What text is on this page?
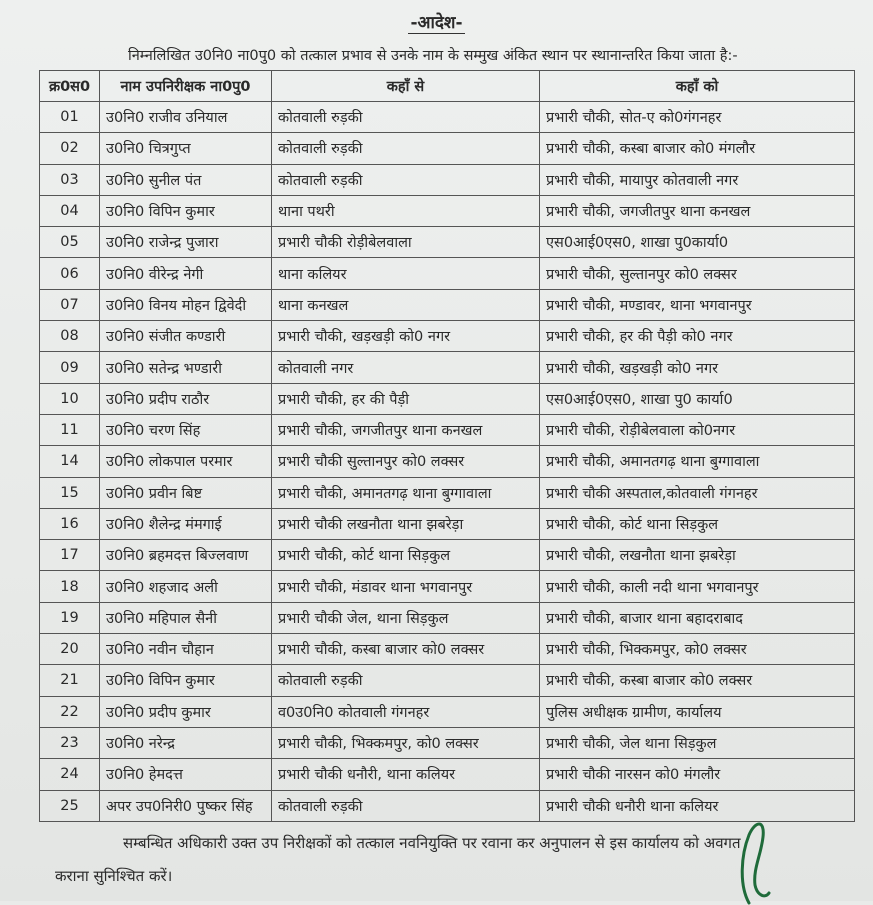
-आदेश-
निम्नलिखित उ0नि0 ना0पु0 को तत्काल प्रभाव से उनके नाम के सम्मुख अंकित स्थान पर स्थानान्तरित किया जाता है:-
क्र0स0	नाम उपनिरीक्षक ना0पु0	कहाँ से	कहाँ को
01	उ0नि0 राजीव उनियाल	कोतवाली रुड़की	प्रभारी चौकी, सोत-ए को0गंगनहर
02	उ0नि0 चित्रगुप्त	कोतवाली रुड़की	प्रभारी चौकी, कस्बा बाजार को0 मंगलौर
03	उ0नि0 सुनील पंत	कोतवाली रुड़की	प्रभारी चौकी, मायापुर कोतवाली नगर
04	उ0नि0 विपिन कुमार	थाना पथरी	प्रभारी चौकी, जगजीतपुर थाना कनखल
05	उ0नि0 राजेन्द्र पुजारा	प्रभारी चौकी रोड़ीबेलवाला	एस0आई0एस0, शाखा पु0कार्या0
06	उ0नि0 वीरेन्द्र नेगी	थाना कलियर	प्रभारी चौकी, सुल्तानपुर को0 लक्सर
07	उ0नि0 विनय मोहन द्विवेदी	थाना कनखल	प्रभारी चौकी, मण्डावर, थाना भगवानपुर
08	उ0नि0 संजीत कण्डारी	प्रभारी चौकी, खड़खड़ी को0 नगर	प्रभारी चौकी, हर की पैड़ी को0 नगर
09	उ0नि0 सतेन्द्र भण्डारी	कोतवाली नगर	प्रभारी चौकी, खड़खड़ी को0 नगर
10	उ0नि0 प्रदीप राठौर	प्रभारी चौकी, हर की पैड़ी	एस0आई0एस0, शाखा पु0 कार्या0
11	उ0नि0 चरण सिंह	प्रभारी चौकी, जगजीतपुर थाना कनखल	प्रभारी चौकी, रोड़ीबेलवाला को0नगर
14	उ0नि0 लोकपाल परमार	प्रभारी चौकी सुल्तानपुर को0 लक्सर	प्रभारी चौकी, अमानतगढ़ थाना बुग्गावाला
15	उ0नि0 प्रवीन बिष्ट	प्रभारी चौकी, अमानतगढ़ थाना बुग्गावाला	प्रभारी चौकी अस्पताल,कोतवाली गंगनहर
16	उ0नि0 शैलेन्द्र मंमगाई	प्रभारी चौकी लखनौता थाना झबरेड़ा	प्रभारी चौकी, कोर्ट थाना सिड़कुल
17	उ0नि0 ब्रहमदत्त बिज्लवाण	प्रभारी चौकी, कोर्ट थाना सिड़कुल	प्रभारी चौकी, लखनौता थाना झबरेड़ा
18	उ0नि0 शहजाद अली	प्रभारी चौकी, मंडावर थाना भगवानपुर	प्रभारी चौकी, काली नदी थाना भगवानपुर
19	उ0नि0 महिपाल सैनी	प्रभारी चौकी जेल, थाना सिड़कुल	प्रभारी चौकी, बाजार थाना बहादराबाद
20	उ0नि0 नवीन चौहान	प्रभारी चौकी, कस्बा बाजार को0 लक्सर	प्रभारी चौकी, भिक्कमपुर, को0 लक्सर
21	उ0नि0 विपिन कुमार	कोतवाली रुड़की	प्रभारी चौकी, कस्बा बाजार को0 लक्सर
22	उ0नि0 प्रदीप कुमार	व0उ0नि0 कोतवाली गंगनहर	पुलिस अधीक्षक ग्रामीण, कार्यालय
23	उ0नि0 नरेन्द्र	प्रभारी चौकी, भिक्कमपुर, को0 लक्सर	प्रभारी चौकी, जेल थाना सिड़कुल
24	उ0नि0 हेमदत्त	प्रभारी चौकी धनौरी, थाना कलियर	प्रभारी चौकी नारसन को0 मंगलौर
25	अपर उप0निरी0 पुष्कर सिंह	कोतवाली रुड़की	प्रभारी चौकी धनौरी थाना कलियर
सम्बन्धित अधिकारी उक्त उप निरीक्षकों को तत्काल नवनियुक्ति पर रवाना कर अनुपालन से इस कार्यालय को अवगत
कराना सुनिश्चित करें।
